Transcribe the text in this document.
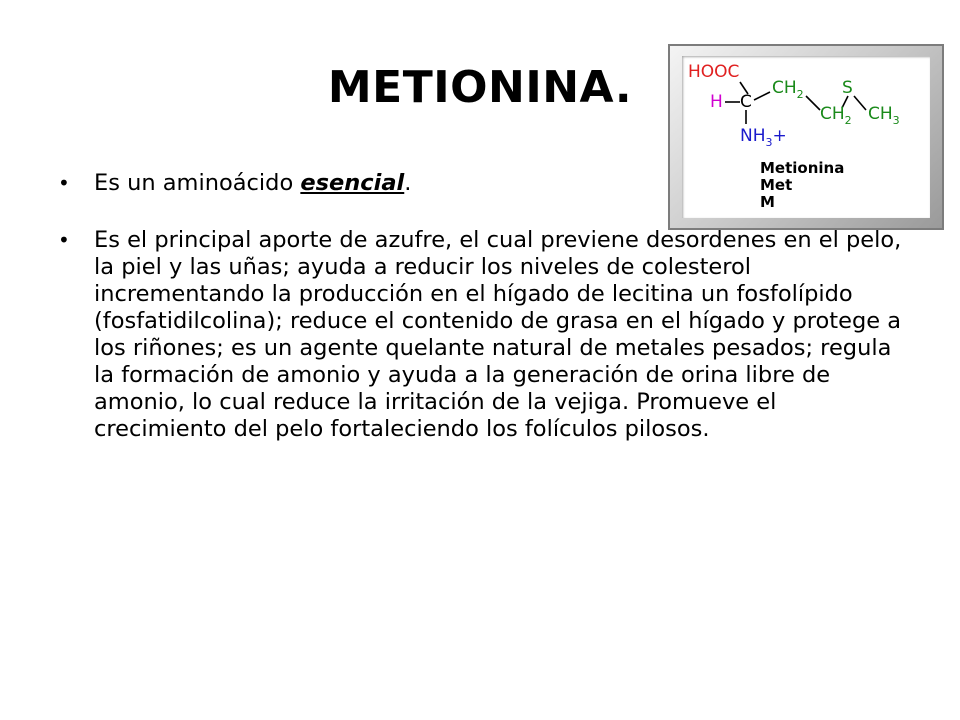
METIONINA.	HOOC
H C
$CH_2$ S
$CH_2$ $CH_3$
$NH_3+$
Metionina
Met
M
•	Es un aminoácido esencial.
•	Es el principal aporte de azufre, el cual previene desordenes en el pelo, la piel y las uñas; ayuda a reducir los niveles de colesterol incrementando la producción en el hígado de lecitina un fosfolípido (fosfatidilcolina); reduce el contenido de grasa en el hígado y protege a los riñones; es un agente quelante natural de metales pesados; regula la formación de amonio y ayuda a la generación de orina libre de amonio, lo cual reduce la irritación de la vejiga. Promueve el crecimiento del pelo fortaleciendo los folículos pilosos.
